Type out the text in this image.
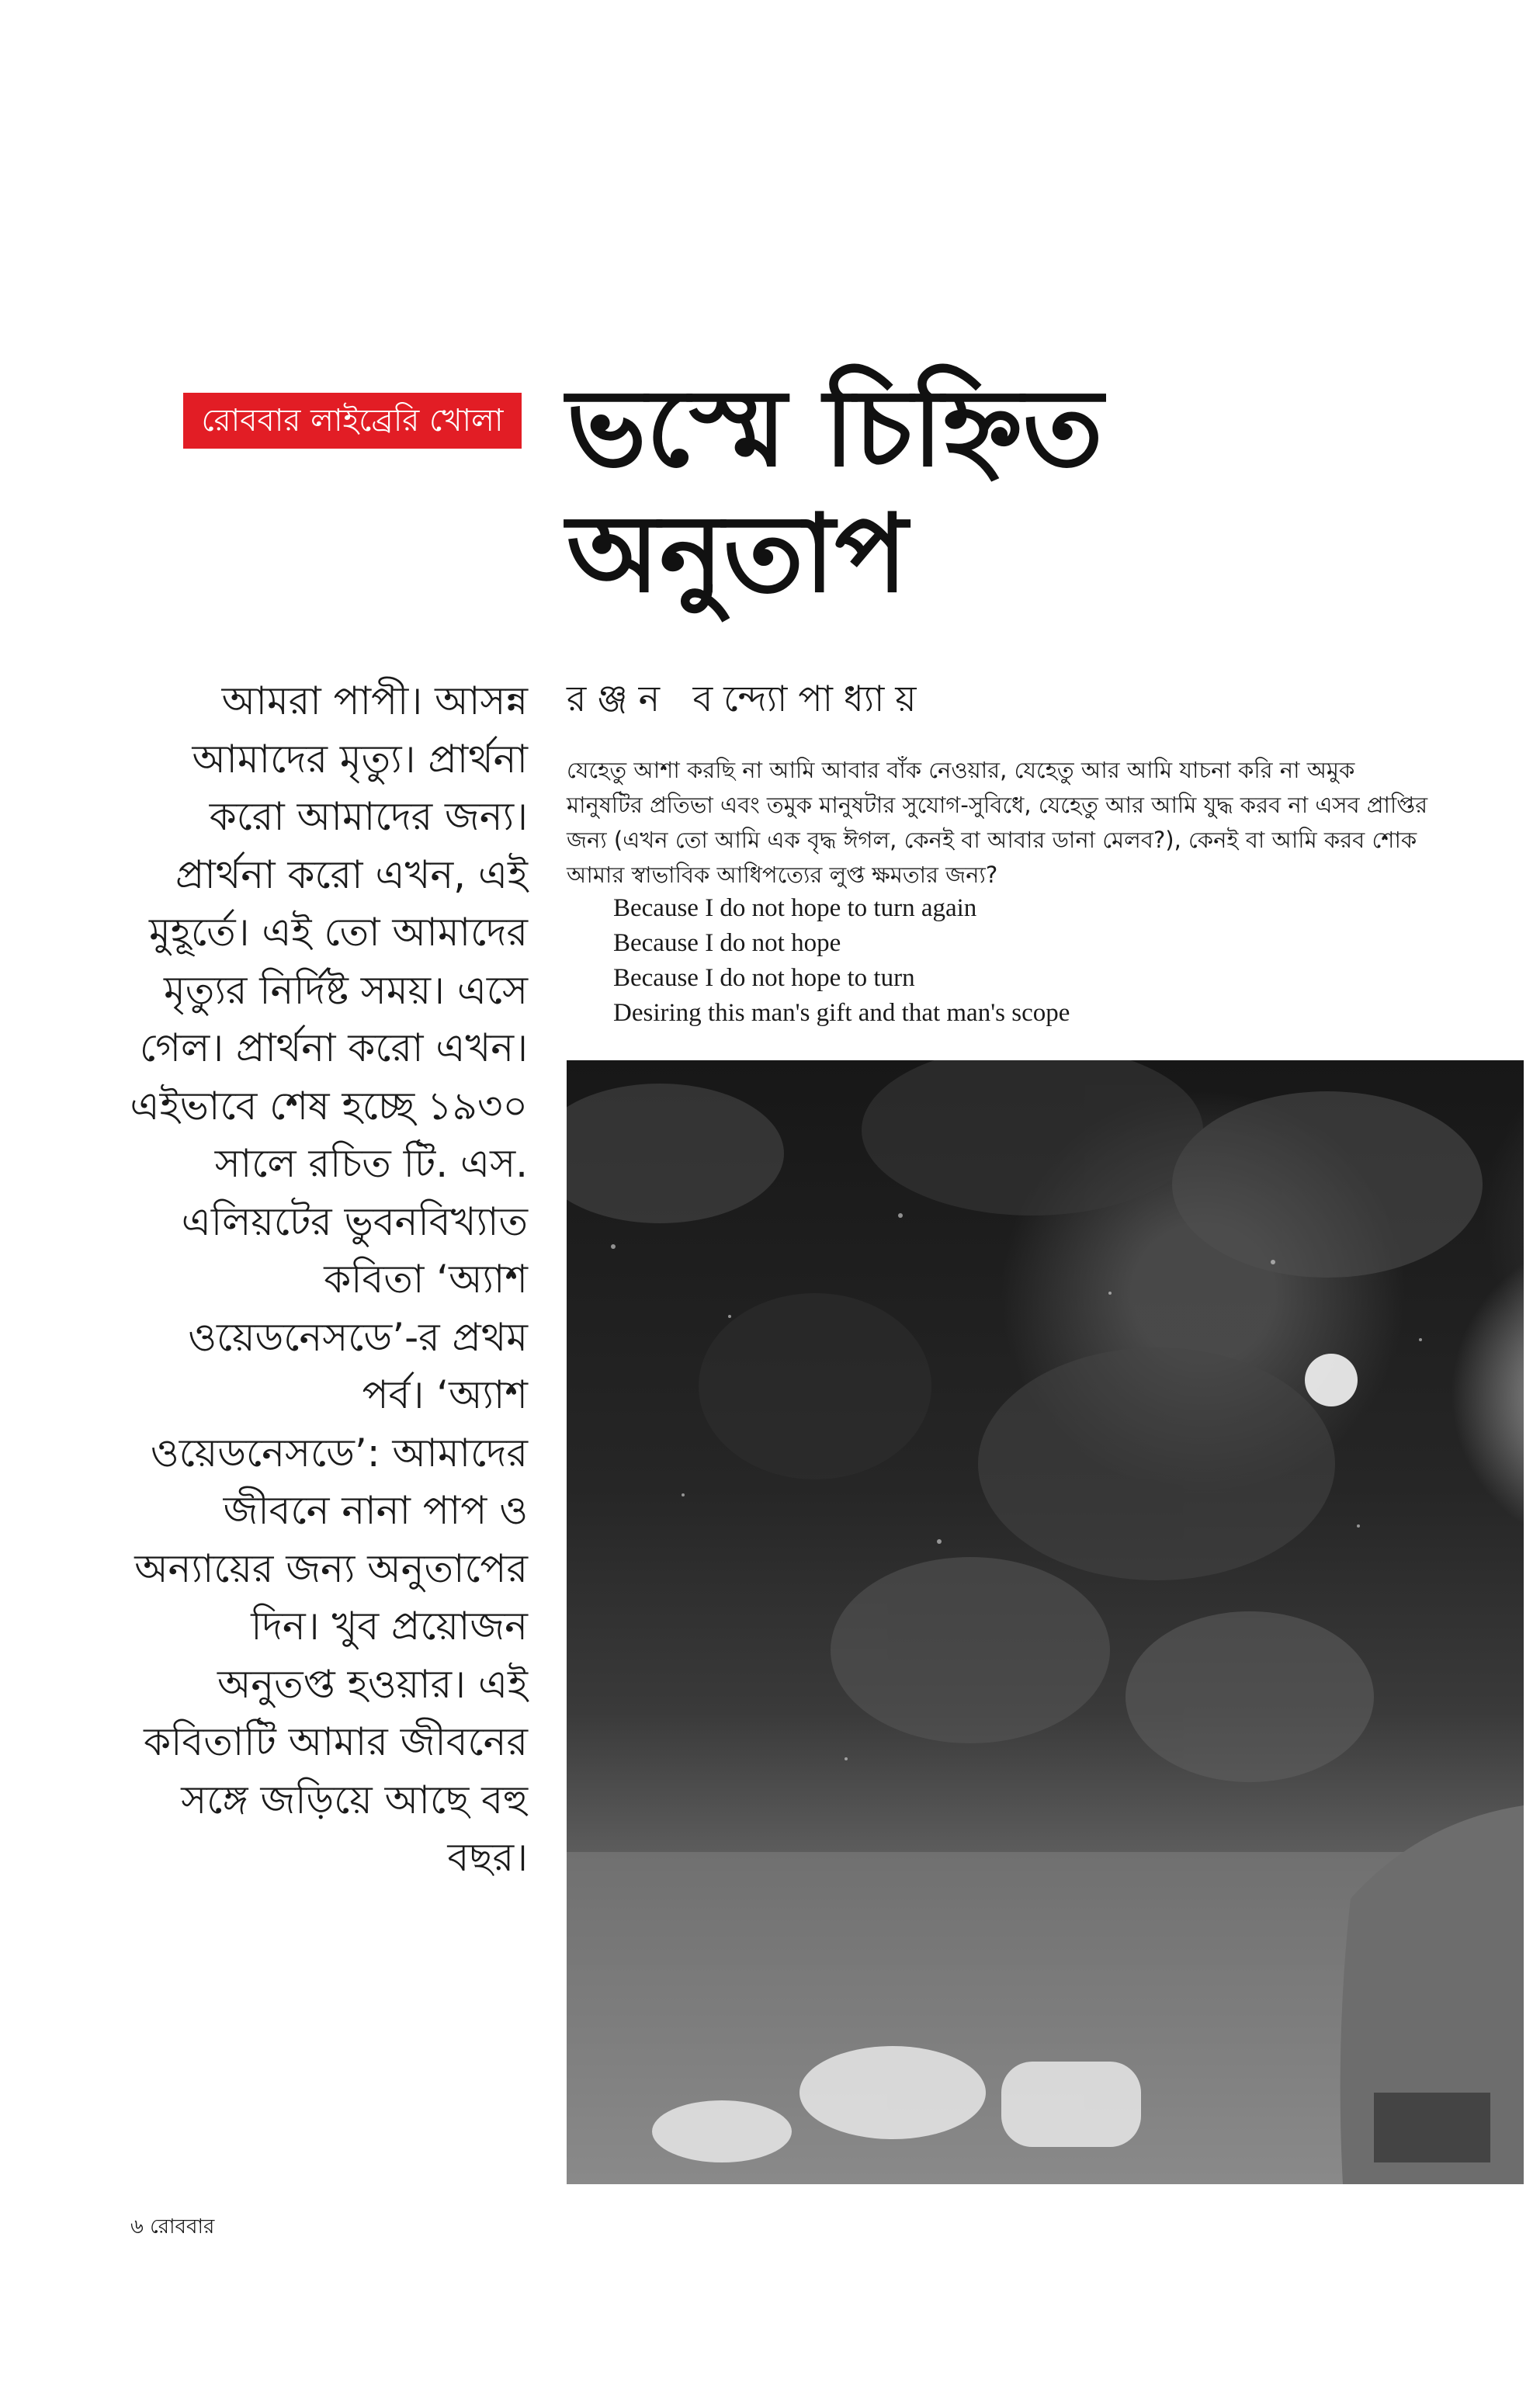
রোববার লাইব্রেরি খোলা ভস্মে চিহ্নিত
অনুতাপ

আমরা পাপী। আসন্ন আমাদের মৃত্যু। প্রার্থনা করো আমাদের জন্য। প্রার্থনা করো এখন, এই মুহূর্তে। এই তো আমাদের মৃত্যুর নির্দিষ্ট সময়। এসে গেল। প্রার্থনা করো এখন। এইভাবে শেষ হচ্ছে ১৯৩০ সালে রচিত টি. এস. এলিয়টের ভুবনবিখ্যাত কবিতা ‘অ্যাশ ওয়েডনেসডে’-র প্রথম পর্ব। ‘অ্যাশ ওয়েডনেসডে’: আমাদের জীবনে নানা পাপ ও অন্যায়ের জন্য অনুতাপের দিন। খুব প্রয়োজন অনুতপ্ত হওয়ার। এই কবিতাটি আমার জীবনের সঙ্গে জড়িয়ে আছে বহু বছর।

রঞ্জন বন্দ্যোপাধ্যায়

যেহেতু আশা করছি না আমি আবার বাঁক নেওয়ার, যেহেতু আর আমি যাচনা করি না অমুক মানুষটির প্রতিভা এবং তমুক মানুষটার সুযোগ-সুবিধে, যেহেতু আর আমি যুদ্ধ করব না এসব প্রাপ্তির জন্য (এখন তো আমি এক বৃদ্ধ ঈগল, কেনই বা আবার ডানা মেলব?), কেনই বা আমি করব শোক আমার স্বাভাবিক আধিপত্যের লুপ্ত ক্ষমতার জন্য?

Because I do not hope to turn again
Because I do not hope
Because I do not hope to turn
Desiring this man's gift and that man's scope

৬ রোববার
